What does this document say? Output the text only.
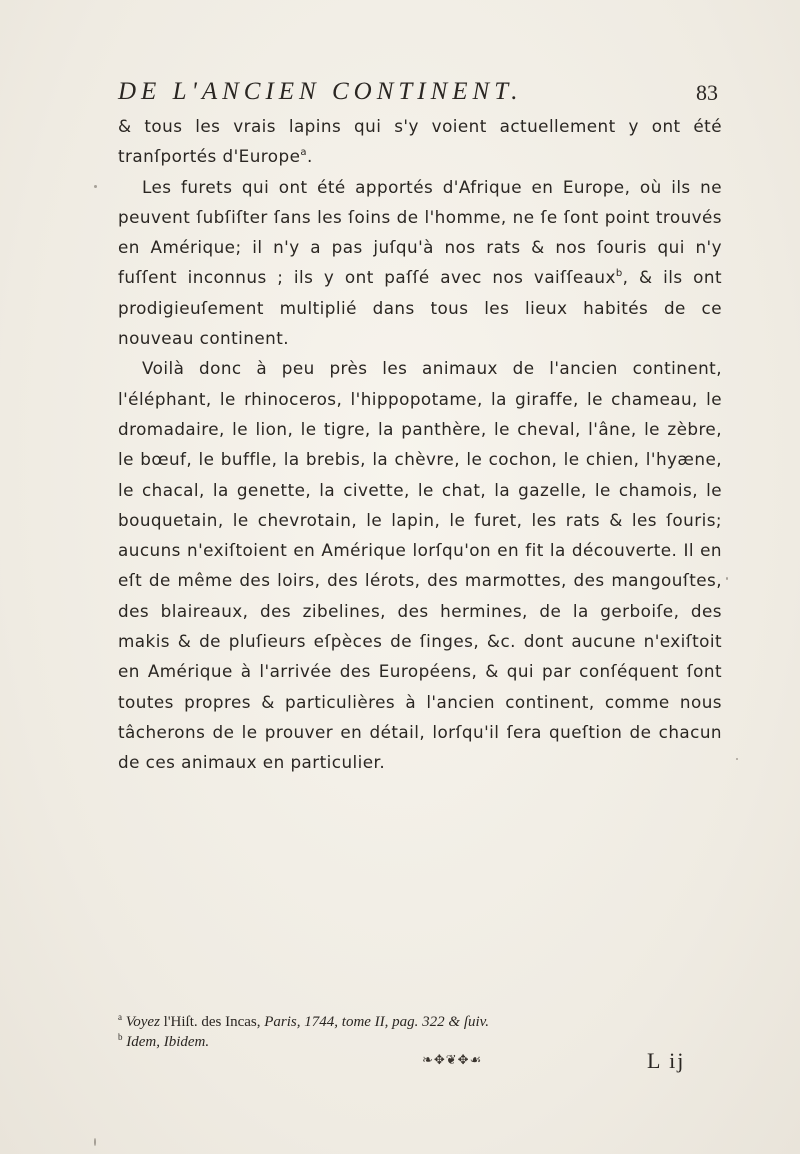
DE L'ANCIEN CONTINENT.	83

& tous les vrais lapins qui s'y voient actuellement y ont été tranſportés d'Europe$^a$.

Les furets qui ont été apportés d'Afrique en Europe, où ils ne peuvent ſubſiſter ſans les ſoins de l'homme, ne ſe ſont point trouvés en Amérique; il n'y a pas juſqu'à nos rats & nos ſouris qui n'y fuſſent inconnus ; ils y ont paſſé avec nos vaiſſeaux$^b$, & ils ont prodigieuſement multiplié dans tous les lieux habités de ce nouveau continent.

Voilà donc à peu près les animaux de l'ancien continent, l'éléphant, le rhinoceros, l'hippopotame, la giraffe, le chameau, le dromadaire, le lion, le tigre, la panthère, le cheval, l'âne, le zèbre, le bœuf, le buffle, la brebis, la chèvre, le cochon, le chien, l'hyæne, le chacal, la genette, la civette, le chat, la gazelle, le chamois, le bouquetain, le chevrotain, le lapin, le furet, les rats & les ſouris; aucuns n'exiſtoient en Amérique lorſqu'on en fit la découverte. Il en eſt de même des loirs, des lérots, des marmottes, des mangouſtes, des blaireaux, des zibelines, des hermines, de la gerboiſe, des makis & de pluſieurs eſpèces de ſinges, &c. dont aucune n'exiſtoit en Amérique à l'arrivée des Européens, & qui par conſéquent ſont toutes propres & particulières à l'ancien continent, comme nous tâcherons de le prouver en détail, lorſqu'il ſera queſtion de chacun de ces animaux en particulier.

$^a$ Voyez l'Hiſt. des Incas, Paris, 1744, tome II, pag. 322 & ſuiv.
$^b$ Idem, Ibidem.
❧✥❦✥☙	L ij
